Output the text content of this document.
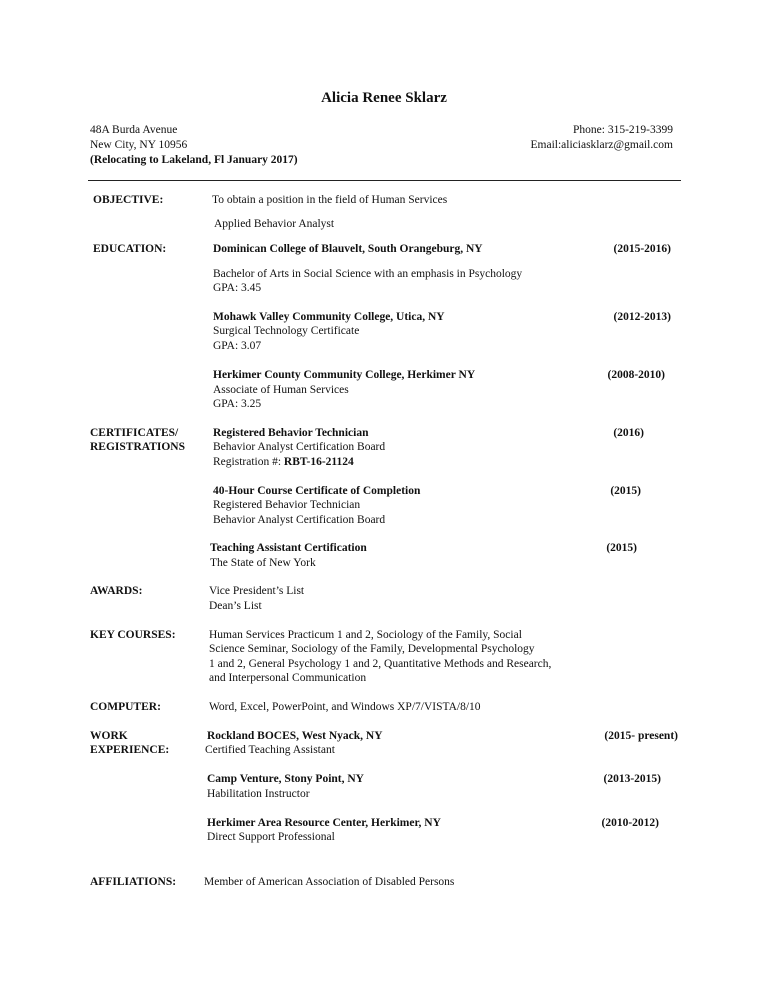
Alicia Renee Sklarz
48A Burda Avenue
New City, NY 10956
(Relocating to Lakeland, Fl January 2017)
Phone: 315-219-3399
Email:aliciasklarz@gmail.com
OBJECTIVE:	To obtain a position in the field of Human Services
Applied Behavior Analyst
EDUCATION:	Dominican College of Blauvelt, South Orangeburg, NY	(2015-2016)
Bachelor of Arts in Social Science with an emphasis in Psychology
GPA: 3.45
Mohawk Valley Community College, Utica, NY	(2012-2013)
Surgical Technology Certificate
GPA: 3.07
Herkimer County Community College, Herkimer NY	(2008-2010)
Associate of Human Services
GPA: 3.25
CERTIFICATES/
REGISTRATIONS
Registered Behavior Technician	(2016)
Behavior Analyst Certification Board
Registration #: RBT-16-21124
40-Hour Course Certificate of Completion	(2015)
Registered Behavior Technician
Behavior Analyst Certification Board
Teaching Assistant Certification	(2015)
The State of New York
AWARDS:	Vice President’s List
Dean’s List
KEY COURSES:	Human Services Practicum 1 and 2, Sociology of the Family, Social
Science Seminar, Sociology of the Family, Developmental Psychology
1 and 2, General Psychology 1 and 2, Quantitative Methods and Research,
and Interpersonal Communication
COMPUTER:	Word, Excel, PowerPoint, and Windows XP/7/VISTA/8/10
WORK
EXPERIENCE:
Rockland BOCES, West Nyack, NY	(2015- present)
Certified Teaching Assistant
Camp Venture, Stony Point, NY	(2013-2015)
Habilitation Instructor
Herkimer Area Resource Center, Herkimer, NY	(2010-2012)
Direct Support Professional
AFFILIATIONS: Member of American Association of Disabled Persons
